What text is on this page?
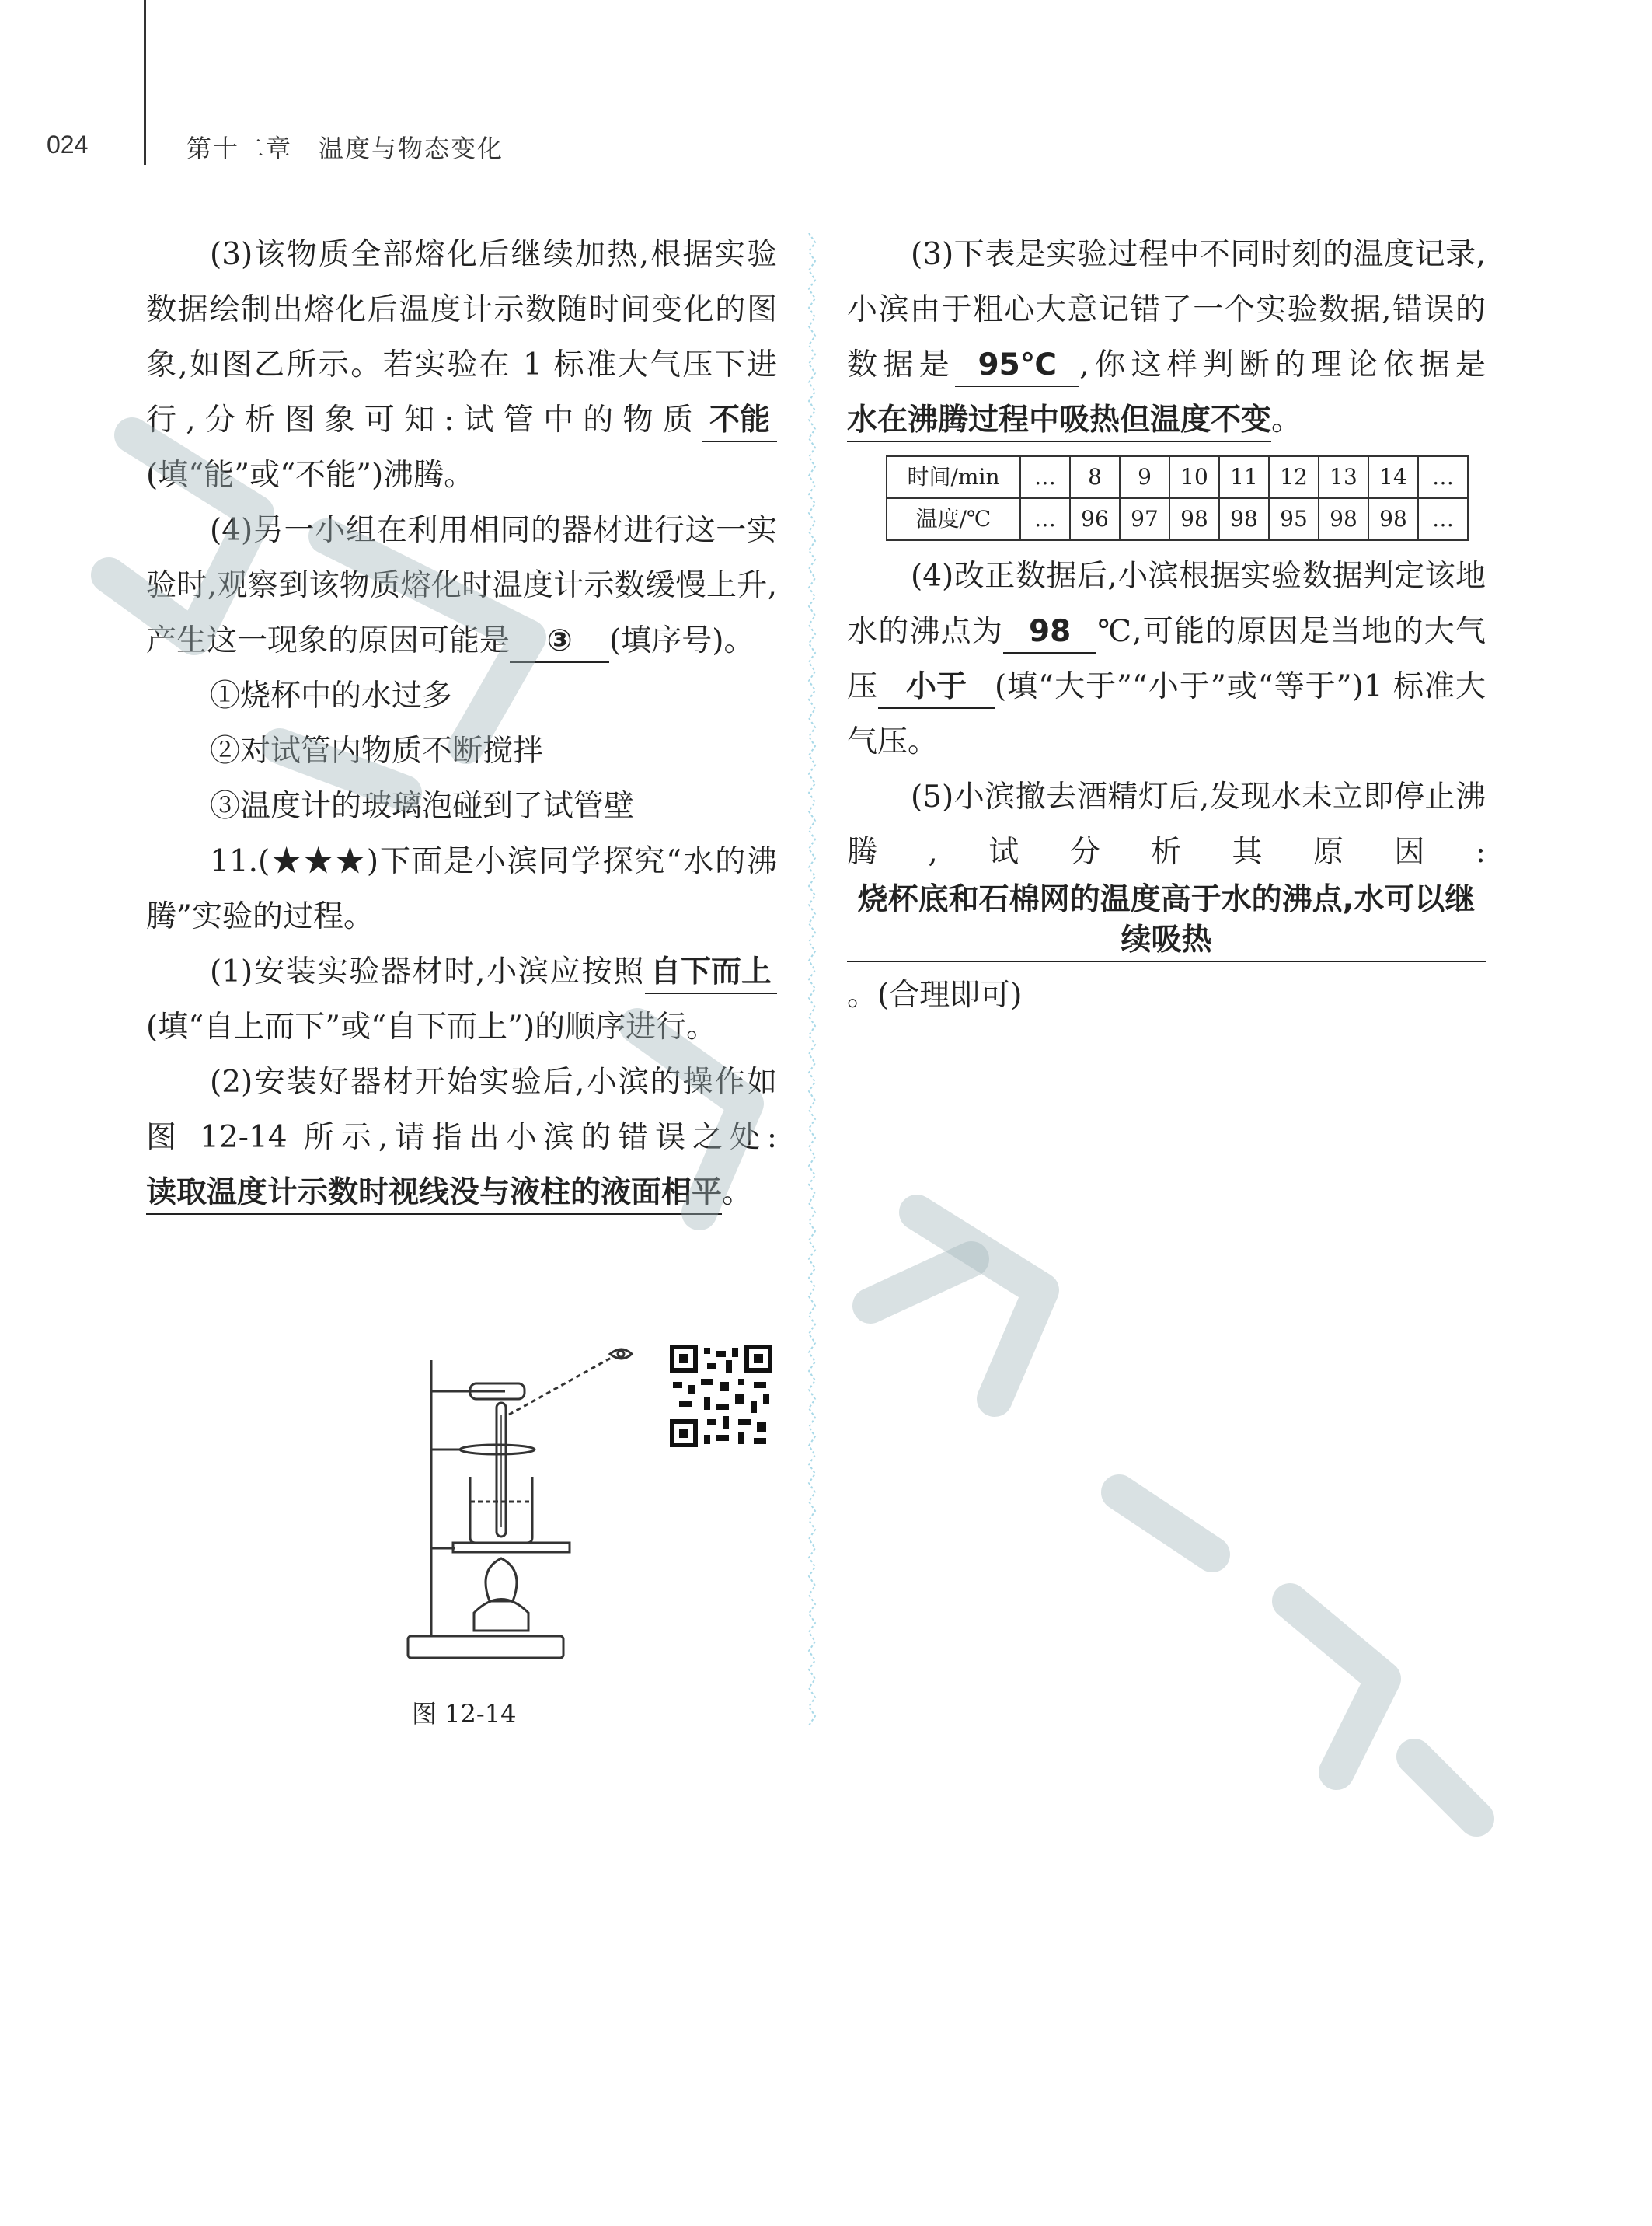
024	第十二章　温度与物态变化

(3)该物质全部熔化后继续加热,根据实验数据绘制出熔化后温度计示数随时间变化的图象,如图乙所示。若实验在 1 标准大气压下进行,分析图象可知:试管中的物质 不能(填“能”或“不能”)沸腾。

(4)另一小组在利用相同的器材进行这一实验时,观察到该物质熔化时温度计示数缓慢上升,产生这一现象的原因可能是 ③ (填序号)。

①烧杯中的水过多

②对试管内物质不断搅拌

③温度计的玻璃泡碰到了试管壁

11.(★★★)下面是小滨同学探究“水的沸腾”实验的过程。

(1)安装实验器材时,小滨应按照 自下而上(填“自上而下”或“自下而上”)的顺序进行。

(2)安装好器材开始实验后,小滨的操作如图 12-14 所示,请指出小滨的错误之处:读取温度计示数时视线没与液柱的液面相平。

图 12-14

(3)下表是实验过程中不同时刻的温度记录,小滨由于粗心大意记错了一个实验数据,错误的数据是 95℃ ,你这样判断的理论依据是水在沸腾过程中吸热但温度不变。

时间/min	…	8	9	10	11	12	13	14	…
温度/℃	…	96	97	98	98	95	98	98	…

(4)改正数据后,小滨根据实验数据判定该地水的沸点为 98 ℃,可能的原因是当地的大气压 小于 (填“大于”“小于”或“等于”)1 标准大气压。

(5)小滨撤去酒精灯后,发现水未立即停止沸腾,试分析其原因:烧杯底和石棉网的温度高于水的沸点,水可以继续吸热。(合理即可)
